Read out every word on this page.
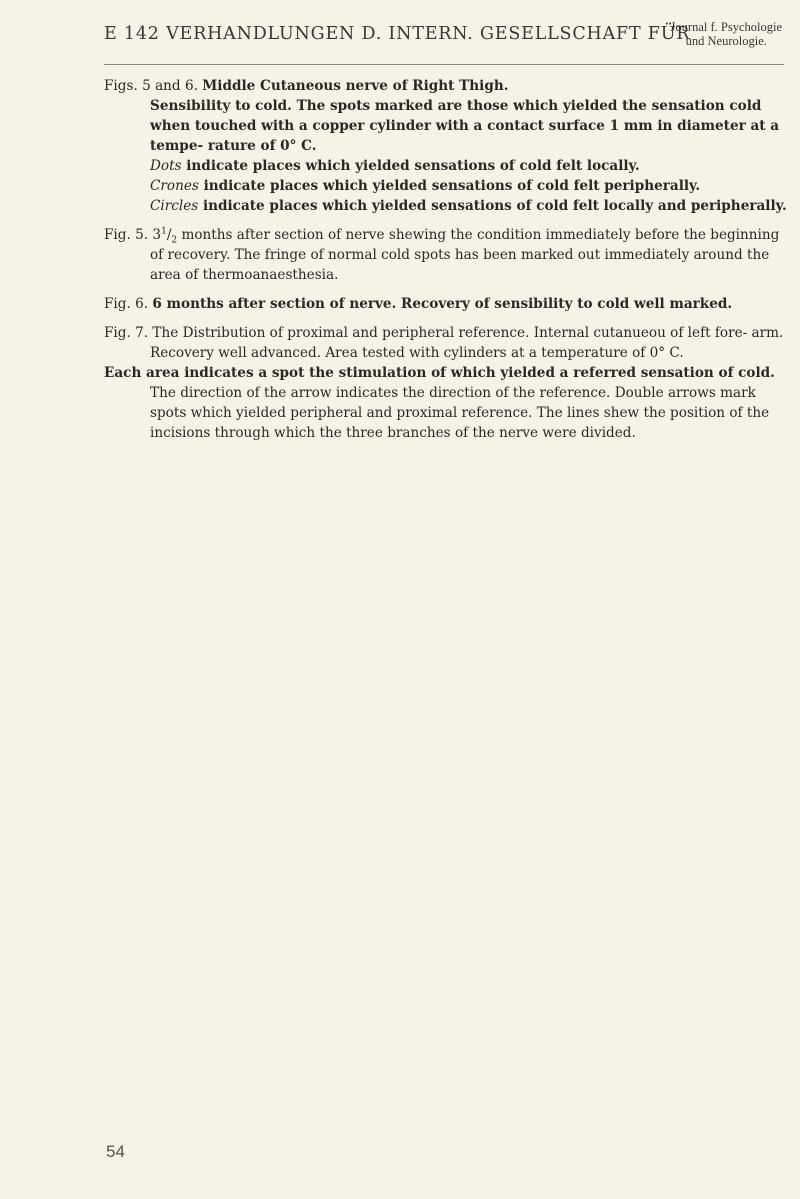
E 142 VERHANDLUNGEN D. INTERN. GESELLSCHAFT FÜR
Journal f. Psychologie
und Neurologie.

Figs. 5 and 6. Middle Cutaneous nerve of Right Thigh.

Sensibility to cold. The spots marked are those which yielded the sensation cold when touched with a copper cylinder with a contact surface 1 mm in diameter at a tempe- rature of 0° C.

Dots indicate places which yielded sensations of cold felt locally.

Crones indicate places which yielded sensations of cold felt peripherally.

Circles indicate places which yielded sensations of cold felt locally and peripherally.

Fig. 5. $3^1/_2$ months after section of nerve shewing the condition immediately before the beginning of recovery. The fringe of normal cold spots has been marked out immediately around the area of thermoanaesthesia.

Fig. 6. 6 months after section of nerve. Recovery of sensibility to cold well marked.

Fig. 7. The Distribution of proximal and peripheral reference. Internal cutanueou of left fore- arm. Recovery well advanced. Area tested with cylinders at a temperature of 0° C.

Each area indicates a spot the stimulation of which yielded a referred sensation of cold.

The direction of the arrow indicates the direction of the reference. Double arrows mark spots which yielded peripheral and proximal reference. The lines shew the position of the incisions through which the three branches of the nerve were divided.

54
